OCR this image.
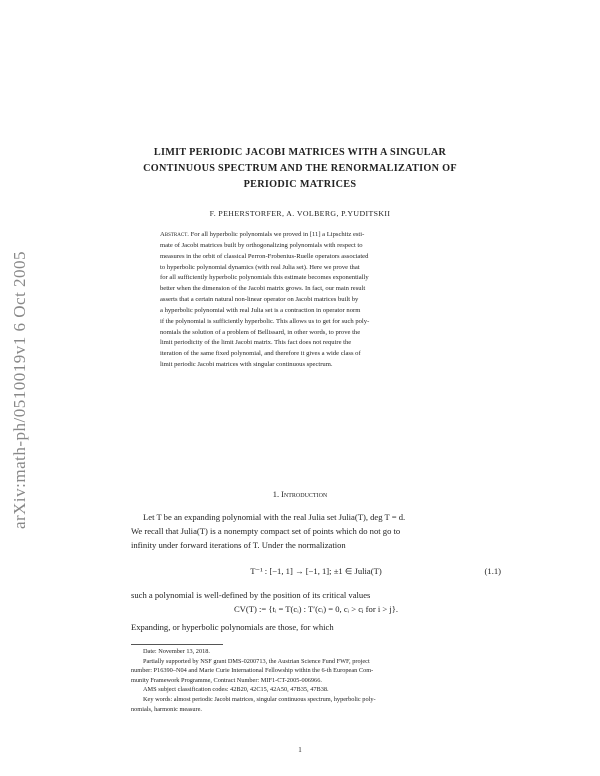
arXiv:math-ph/0510019v1 6 Oct 2005
LIMIT PERIODIC JACOBI MATRICES WITH A SINGULAR
CONTINUOUS SPECTRUM AND THE RENORMALIZATION OF
PERIODIC MATRICES
F. PEHERSTORFER, A. VOLBERG, P.YUDITSKII
Abstract. For all hyperbolic polynomials we proved in [11] a Lipschitz esti-
mate of Jacobi matrices built by orthogonalizing polynomials with respect to
measures in the orbit of classical Perron-Frobenius-Ruelle operators associated
to hyperbolic polynomial dynamics (with real Julia set). Here we prove that
for all sufficiently hyperbolic polynomials this estimate becomes exponentially
better when the dimension of the Jacobi matrix grows. In fact, our main result
asserts that a certain natural non-linear operator on Jacobi matrices built by
a hyperbolic polynomial with real Julia set is a contraction in operator norm
if the polynomial is sufficiently hyperbolic. This allows us to get for such poly-
nomials the solution of a problem of Bellissard, in other words, to prove the
limit periodicity of the limit Jacobi matrix. This fact does not require the
iteration of the same fixed polynomial, and therefore it gives a wide class of
limit periodic Jacobi matrices with singular continuous spectrum.
1. Introduction
Let T be an expanding polynomial with the real Julia set Julia(T), deg T = d.
We recall that Julia(T) is a nonempty compact set of points which do not go to
infinity under forward iterations of T. Under the normalization
T⁻¹ : [−1, 1] → [−1, 1]; ±1 ∈ Julia(T)	(1.1)
such a polynomial is well-defined by the position of its critical values
CV(T) := {tᵢ = T(cᵢ) : T′(cᵢ) = 0, cᵢ > cⱼ for i > j}.
Expanding, or hyperbolic polynomials are those, for which
Date: November 13, 2018.
Partially supported by NSF grant DMS-0200713, the Austrian Science Fund FWF, project
number: P16390–N04 and Marie Curie International Fellowship within the 6-th European Com-
munity Framework Programme, Contract Number: MIF1-CT-2005-006966.
AMS subject classification codes: 42B20, 42C15, 42A50, 47B35, 47B38.
Key words: almost periodic Jacobi matrices, singular continuous spectrum, hyperbolic poly-
nomials, harmonic measure.
1
